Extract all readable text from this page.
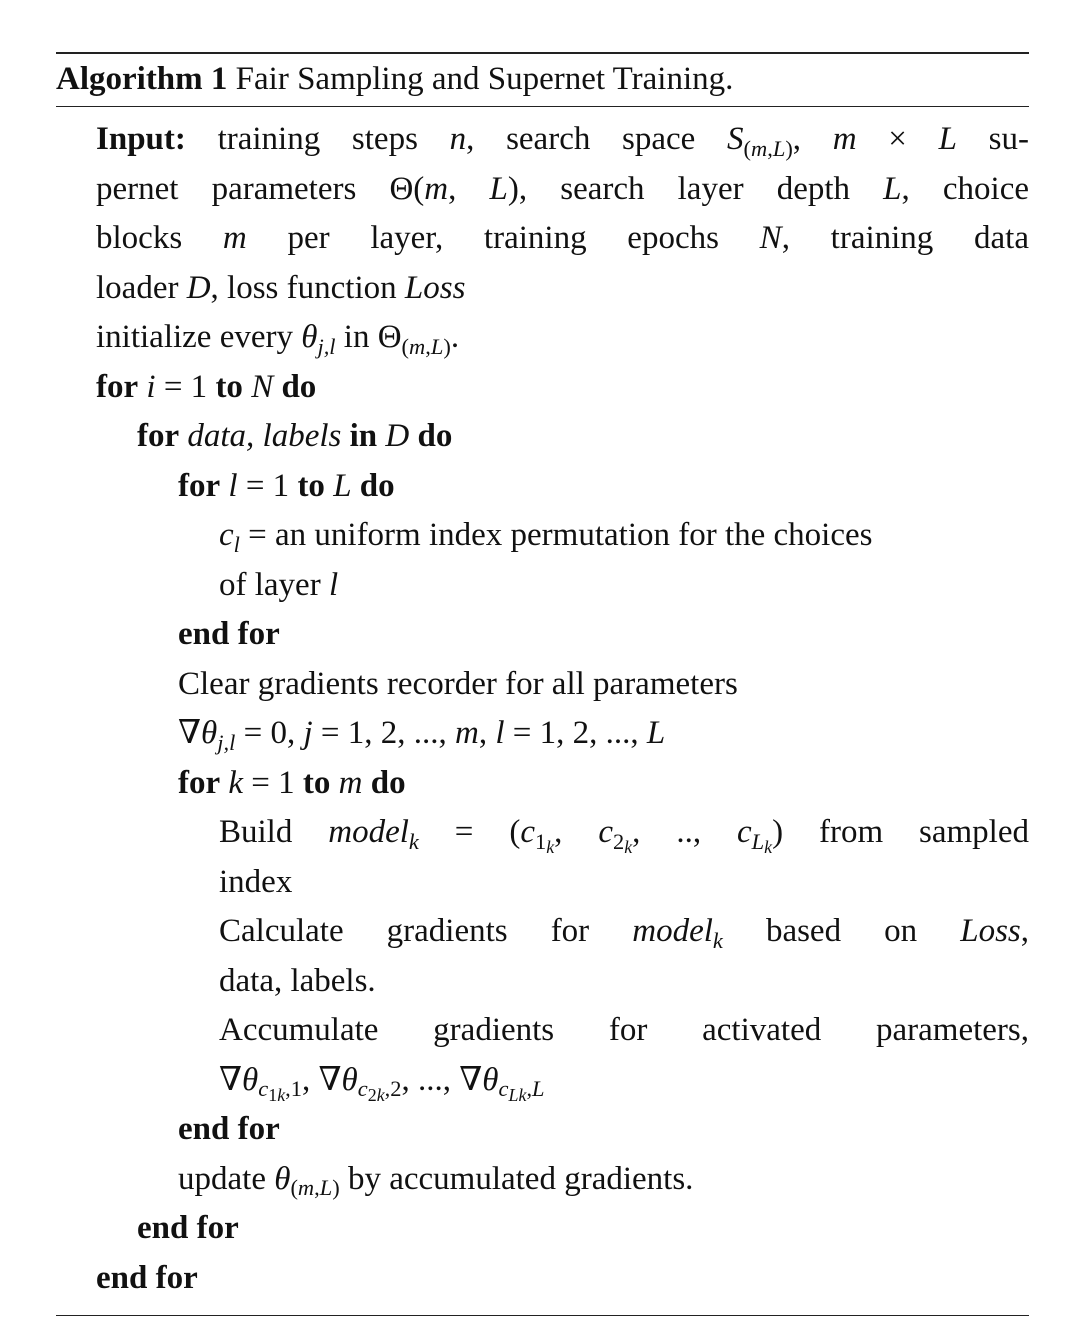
Algorithm 1 Fair Sampling and Supernet Training.
Input: training steps n, search space $S_{(m,L)}$, m × L su-
pernet parameters Θ(m, L), search layer depth L, choice
blocks m per layer, training epochs N, training data
loader D, loss function Loss
initialize every $\theta_{j,l}$ in $\Theta_{(m,L)}$.
for i = 1 to N do
for data, labels in D do
for l = 1 to L do
$c_l$ = an uniform index permutation for the choices
of layer l
end for
Clear gradients recorder for all parameters
$\nabla\theta_{j,l} = 0$, j = 1, 2, ..., m, l = 1, 2, ..., L
for k = 1 to m do
Build model$_k$ = ($c_{1_k}$, $c_{2_k}$, .., $c_{L_k}$) from sampled
index
Calculate gradients for model$_k$ based on Loss,
data, labels.
Accumulate gradients for activated parameters,
$\nabla\theta_{c_{1k},1}$, $\nabla\theta_{c_{2k},2}$, ..., $\nabla\theta_{c_{Lk},L}$
end for
update $\theta_{(m,L)}$ by accumulated gradients.
end for
end for
